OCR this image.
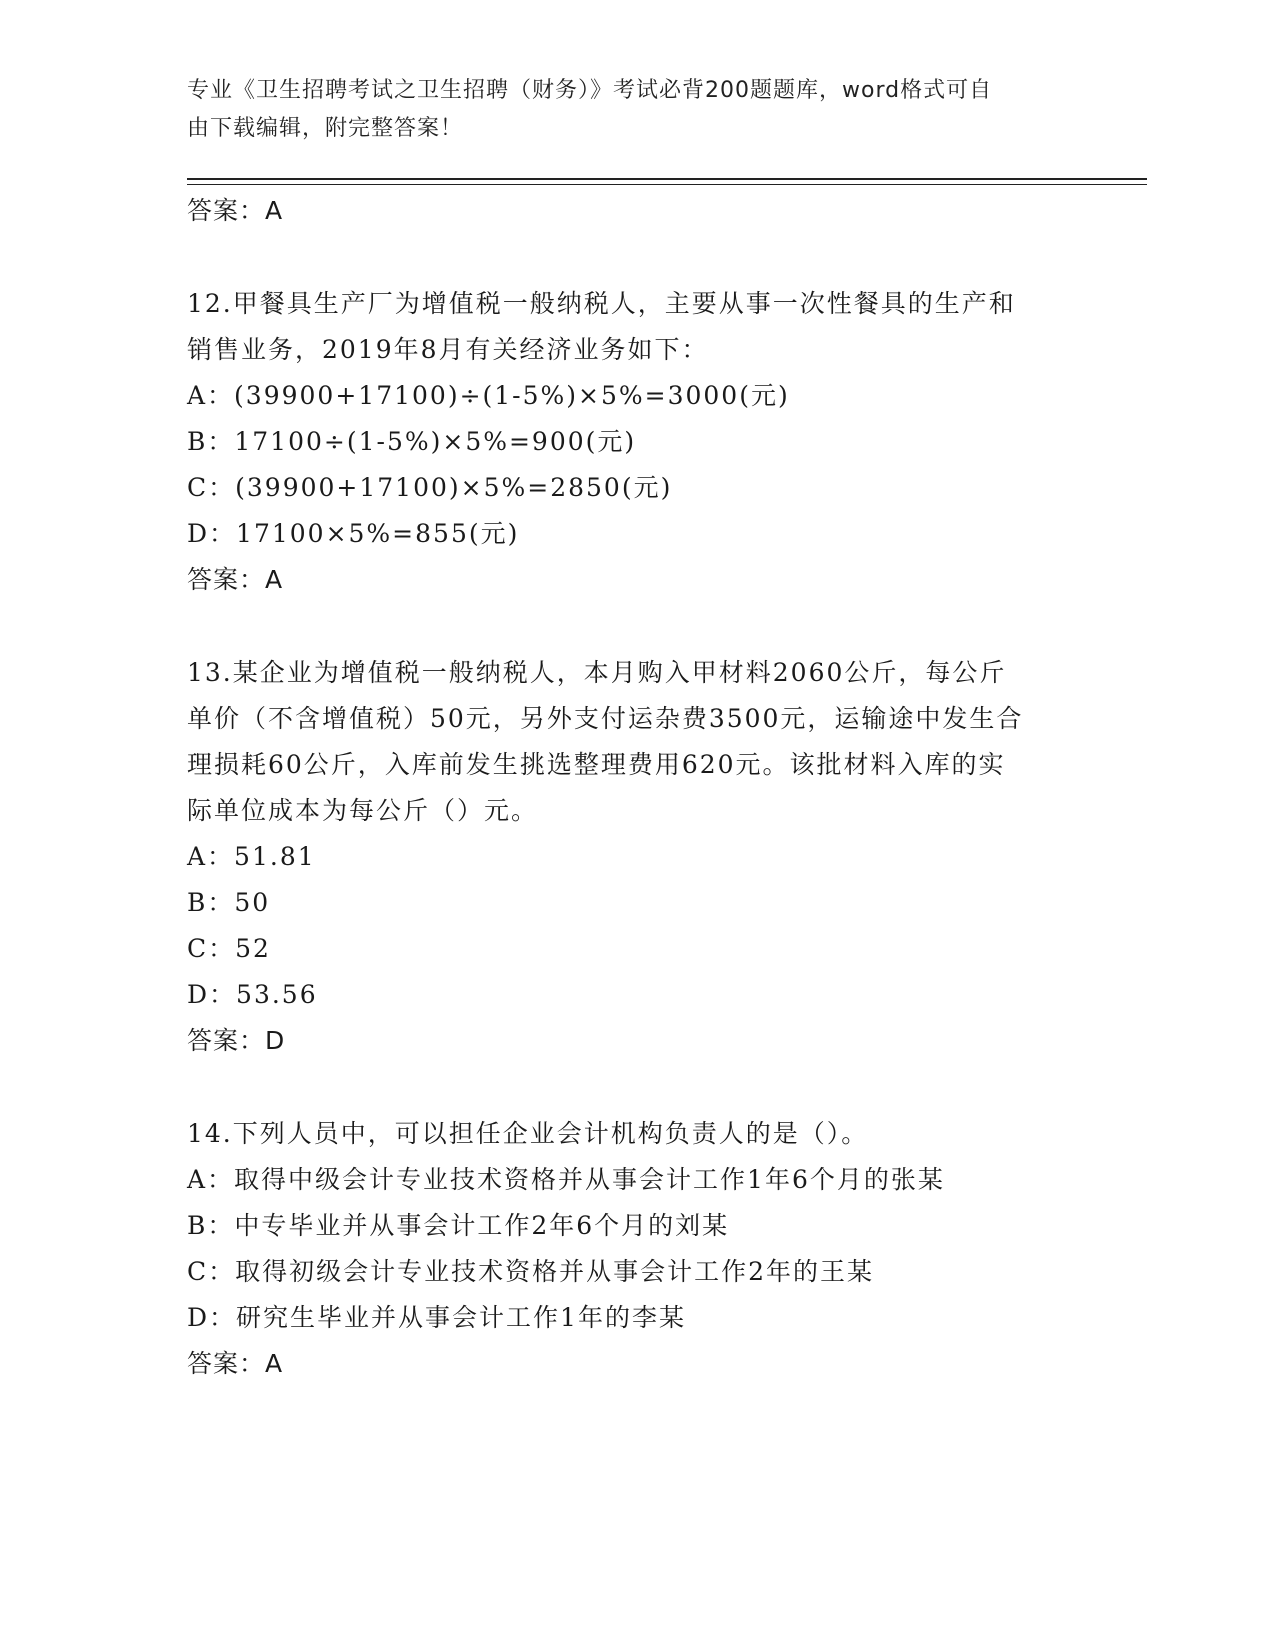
专业《卫生招聘考试之卫生招聘（财务）》考试必背200题题库，word格式可自

由下载编辑，附完整答案！

答案：A
12.甲餐具生产厂为增值税一般纳税人，主要从事一次性餐具的生产和
销售业务，2019年8月有关经济业务如下：
A：(39900+17100)÷(1-5%)×5%=3000(元)
B：17100÷(1-5%)×5%=900(元)
C：(39900+17100)×5%=2850(元)
D：17100×5%=855(元)
答案：A
13.某企业为增值税一般纳税人，本月购入甲材料2060公斤，每公斤
单价（不含增值税）50元，另外支付运杂费3500元，运输途中发生合
理损耗60公斤，入库前发生挑选整理费用620元。该批材料入库的实
际单位成本为每公斤（）元。
A：51.81
B：50
C：52
D：53.56
答案：D
14.下列人员中，可以担任企业会计机构负责人的是（）。
A：取得中级会计专业技术资格并从事会计工作1年6个月的张某
B：中专毕业并从事会计工作2年6个月的刘某
C：取得初级会计专业技术资格并从事会计工作2年的王某
D：研究生毕业并从事会计工作1年的李某
答案：A
